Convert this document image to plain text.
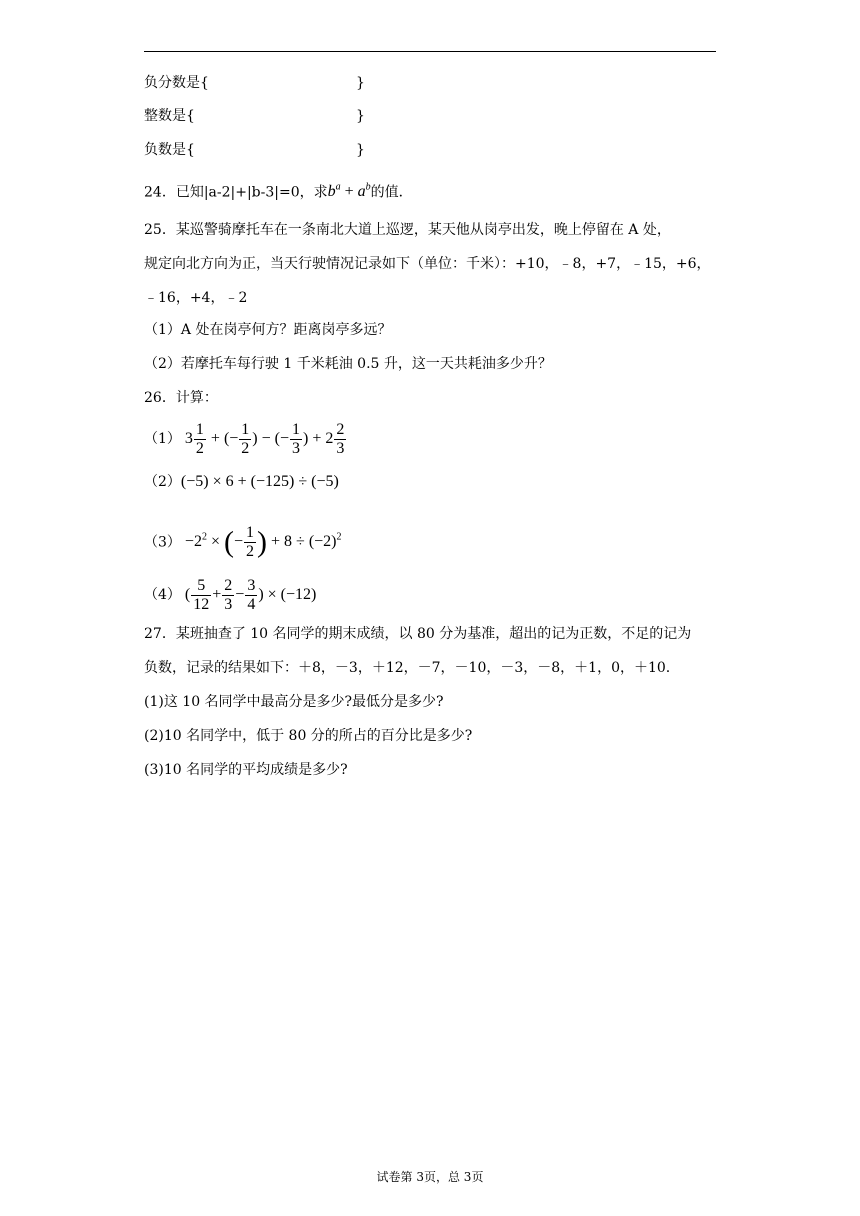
负分数是{	}
整数是{	}
负数是{	}
24．已知|a-2|+|b-3|=0，求$b^a + a^b$的值．
25．某巡警骑摩托车在一条南北大道上巡逻，某天他从岗亭出发，晚上停留在 A 处，
规定向北方向为正，当天行驶情况记录如下（单位：千米）：+10，﹣8，+7，﹣15，+6，
﹣16，+4，﹣2
（1）A 处在岗亭何方？距离岗亭多远？
（2）若摩托车每行驶 1 千米耗油 0.5 升，这一天共耗油多少升？
26．计算：
（1） $3 \frac{1}{2}$ + (− $\frac{1}{2}$ ) − (− $\frac{1}{3}$ ) + $2 \frac{2}{3}$
（2）(−5) × 6 + (−125) ÷ (−5)
$(3) -2^2$ × (− $\frac{1}{2}$ ) + $8 \div (-2)^2$
（4） ( $\frac{5}{12} + \frac{2}{3} - \frac{3}{4}$ ) × (−12)
27．某班抽查了 10 名同学的期末成绩，以 80 分为基准，超出的记为正数，不足的记为
负数，记录的结果如下：＋8，－3，＋12，－7，－10，－3，－8，＋1，0，＋10.
(1)这 10 名同学中最高分是多少?最低分是多少?
(2)10 名同学中，低于 80 分的所占的百分比是多少?
(3)10 名同学的平均成绩是多少?
试卷第 3页，总 3页
